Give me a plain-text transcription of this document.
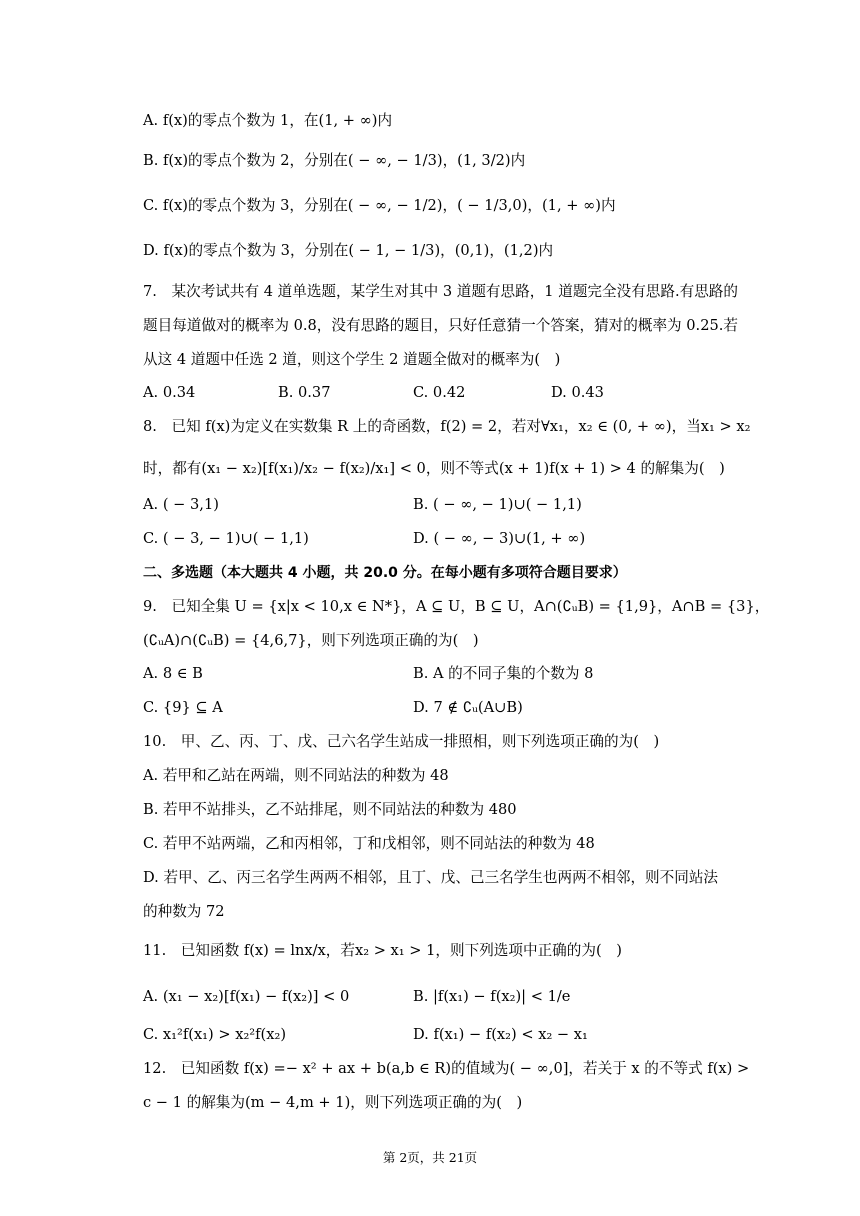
A. f(x)的零点个数为 1，在(1, + ∞)内
B. f(x)的零点个数为 2，分别在( − ∞, − 1/3)，(1, 3/2)内
C. f(x)的零点个数为 3，分别在( − ∞, − 1/2)，( − 1/3,0)，(1, + ∞)内
D. f(x)的零点个数为 3，分别在( − 1, − 1/3)，(0,1)，(1,2)内
7.　某次考试共有 4 道单选题，某学生对其中 3 道题有思路，1 道题完全没有思路.有思路的
题目每道做对的概率为 0.8，没有思路的题目，只好任意猜一个答案，猜对的概率为 0.25.若
从这 4 道题中任选 2 道，则这个学生 2 道题全做对的概率为(　)
A. 0.34	B. 0.37	C. 0.42	D. 0.43
8.　已知 f(x)为定义在实数集 R 上的奇函数，f(2) = 2，若对∀x₁，x₂ ∈ (0, + ∞)，当x₁ > x₂
时，都有(x₁ − x₂)[f(x₁)/x₂ − f(x₂)/x₁] < 0，则不等式(x + 1)f(x + 1) > 4 的解集为(　)
A. ( − 3,1)	B. ( − ∞, − 1)∪( − 1,1)
C. ( − 3, − 1)∪( − 1,1)	D. ( − ∞, − 3)∪(1, + ∞)
二、多选题（本大题共 4 小题，共 20.0 分。在每小题有多项符合题目要求）
9.　已知全集 U = {x|x < 10,x ∈ N*}，A ⊆ U，B ⊆ U，A∩(∁ᵤB) = {1,9}，A∩B = {3}，
(∁ᵤA)∩(∁ᵤB) = {4,6,7}，则下列选项正确的为(　)
A. 8 ∈ B	B. A 的不同子集的个数为 8
C. {9} ⊆ A	D. 7 ∉ ∁ᵤ(A∪B)
10.　甲、乙、丙、丁、戊、己六名学生站成一排照相，则下列选项正确的为(　)
A. 若甲和乙站在两端，则不同站法的种数为 48
B. 若甲不站排头，乙不站排尾，则不同站法的种数为 480
C. 若甲不站两端，乙和丙相邻，丁和戊相邻，则不同站法的种数为 48
D. 若甲、乙、丙三名学生两两不相邻，且丁、戊、己三名学生也两两不相邻，则不同站法
的种数为 72
11.　已知函数 f(x) = lnx/x，若x₂ > x₁ > 1，则下列选项中正确的为(　)
A. (x₁ − x₂)[f(x₁) − f(x₂)] < 0	B. |f(x₁) − f(x₂)| < 1/e
C. x₁²f(x₁) > x₂²f(x₂)	D. f(x₁) − f(x₂) < x₂ − x₁
12.　已知函数 f(x) =− x² + ax + b(a,b ∈ R)的值域为( − ∞,0]，若关于 x 的不等式 f(x) >
c − 1 的解集为(m − 4,m + 1)，则下列选项正确的为(　)
第 2页，共 21页
